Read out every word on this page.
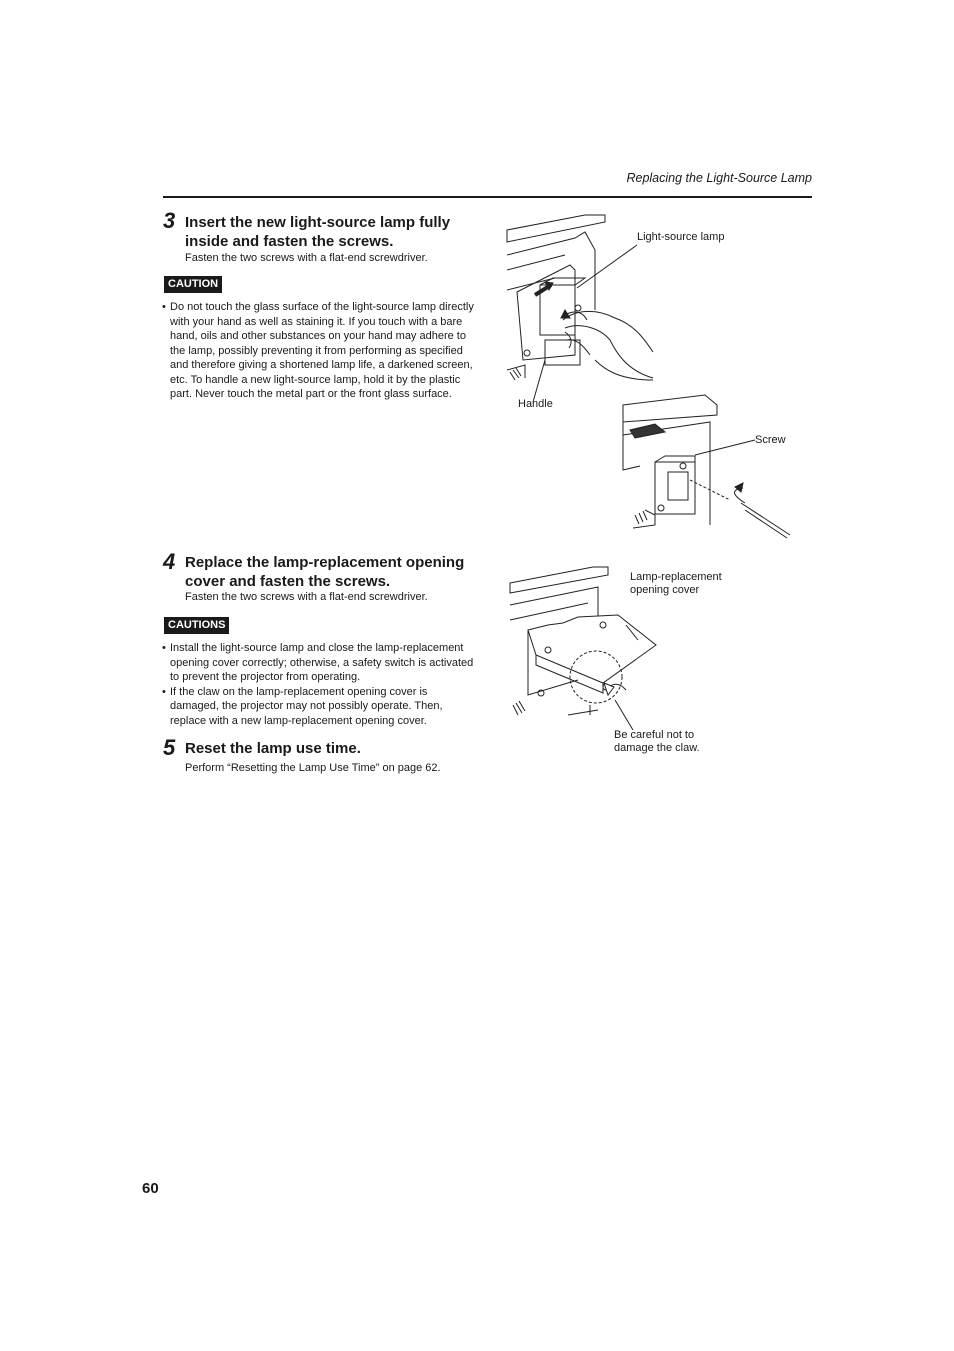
Replacing the Light-Source Lamp
3 Insert the new light-source lamp fully
inside and fasten the screws.
Fasten the two screws with a flat-end screwdriver.
CAUTION
• Do not touch the glass surface of the light-source lamp directly with your hand as well as staining it. If you touch with a bare hand, oils and other substances on your hand may adhere to the lamp, possibly preventing it from performing as specified and therefore giving a shortened lamp life, a darkened screen, etc. To handle a new light-source lamp, hold it by the plastic part. Never touch the metal part or the front glass surface.
Light-source lamp
Handle
Screw
4 Replace the lamp-replacement opening
cover and fasten the screws.
Fasten the two screws with a flat-end screwdriver.
CAUTIONS
• Install the light-source lamp and close the lamp-replacement opening cover correctly; otherwise, a safety switch is activated to prevent the projector from operating.
• If the claw on the lamp-replacement opening cover is damaged, the projector may not possibly operate. Then, replace with a new lamp-replacement opening cover.
Lamp-replacement
opening cover
Be careful not to
damage the claw.
5 Reset the lamp use time.
Perform “Resetting the Lamp Use Time” on page 62.
60
